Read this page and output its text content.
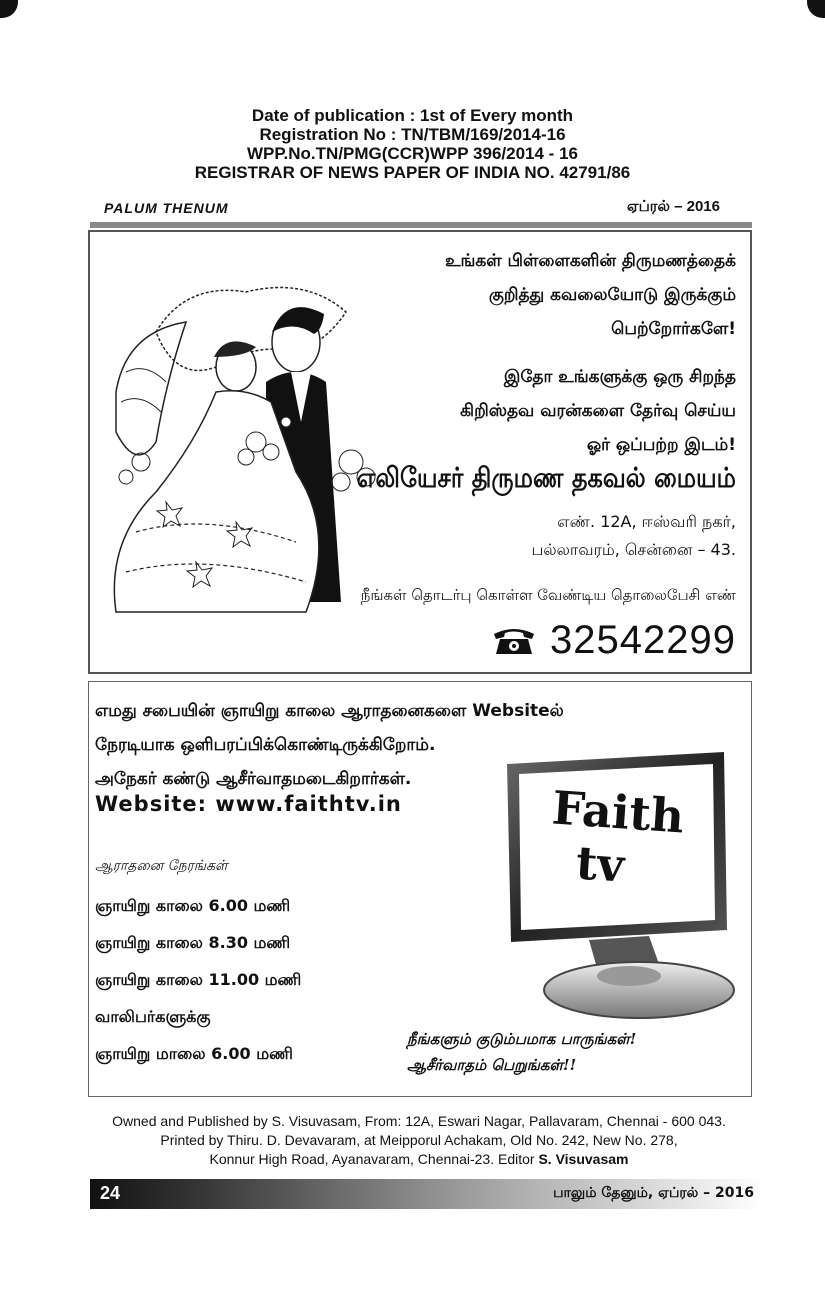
Date of publication : 1st of Every month
Registration No : TN/TBM/169/2014-16
WPP.No.TN/PMG(CCR)WPP 396/2014 - 16
REGISTRAR OF NEWS PAPER OF INDIA NO. 42791/86
PALUM THENUM	ஏப்ரல் – 2016
உங்கள் பிள்ளைகளின் திருமணத்தைக்
குறித்து கவலையோடு இருக்கும்
பெற்றோர்களே!
இதோ உங்களுக்கு ஒரு சிறந்த
கிறிஸ்தவ வரன்களை தேர்வு செய்ய
ஓர் ஒப்பற்ற இடம்!
எலியேசர் திருமண தகவல் மையம்
எண். 12A, ஈஸ்வரி நகர்,
பல்லாவரம், சென்னை – 43.
நீங்கள் தொடர்பு கொள்ள வேண்டிய தொலைபேசி எண்
32542299
எமது சபையின் ஞாயிறு காலை ஆராதனைகளை Websiteல்
நேரடியாக ஒளிபரப்பிக்கொண்டிருக்கிறோம்.
அநேகர் கண்டு ஆசீர்வாதமடைகிறார்கள்.
Website: www.faithtv.in
ஆராதனை நேரங்கள்
ஞாயிறு காலை 6.00 மணி
ஞாயிறு காலை 8.30 மணி
ஞாயிறு காலை 11.00 மணி
வாலிபர்களுக்கு
ஞாயிறு மாலை 6.00 மணி
Faith
tv
நீங்களும் குடும்பமாக பாருங்கள்!
ஆசீர்வாதம் பெறுங்கள்!!
Owned and Published by S. Visuvasam, From: 12A, Eswari Nagar, Pallavaram, Chennai - 600 043.
Printed by Thiru. D. Devavaram, at Meipporul Achakam, Old No. 242, New No. 278,
Konnur High Road, Ayanavaram, Chennai-23. Editor S. Visuvasam
24	பாலும் தேனும், ஏப்ரல் – 2016
